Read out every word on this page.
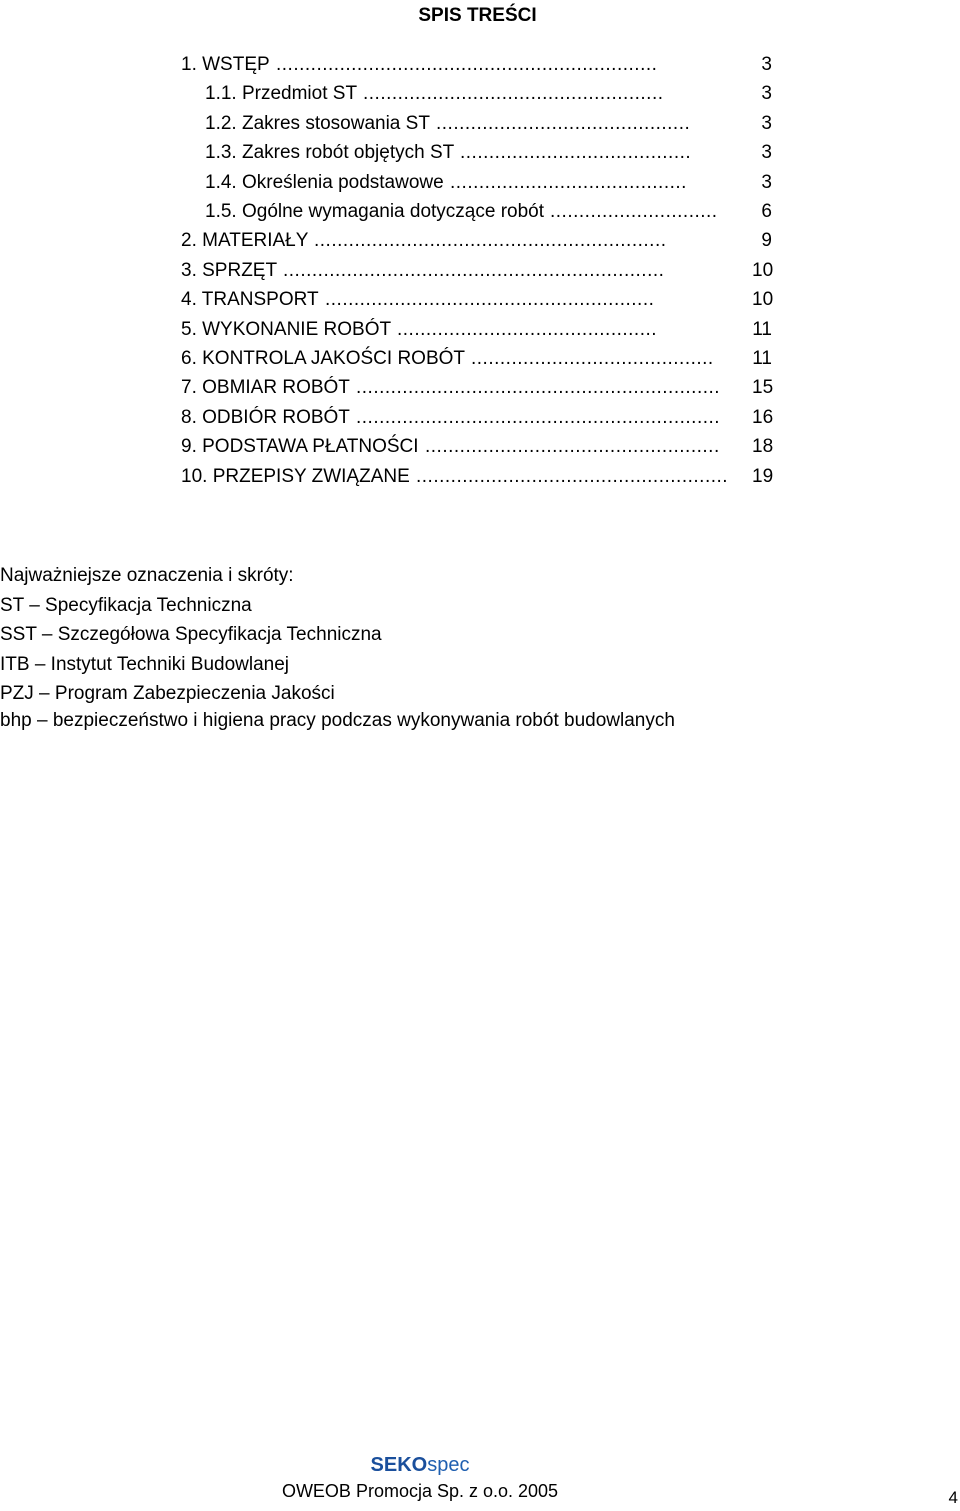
SPIS TREŚCI
..................................................................
1. WSTĘP	3
....................................................
1.1. Przedmiot ST	3
............................................
1.2. Zakres stosowania ST	3
........................................
1.3. Zakres robót objętych ST	3
.........................................
1.4. Określenia podstawowe	3
.............................
1.5. Ogólne wymagania dotyczące robót	6
.............................................................
2. MATERIAŁY	9
..................................................................
3. SPRZĘT	10
.........................................................
4. TRANSPORT	10
.............................................
5. WYKONANIE ROBÓT	11
..........................................
6. KONTROLA JAKOŚCI ROBÓT	11
...............................................................
7. OBMIAR ROBÓT	15
...............................................................
8. ODBIÓR ROBÓT	16
...................................................
9. PODSTAWA PŁATNOŚCI	18
......................................................
10. PRZEPISY ZWIĄZANE	19
Najważniejsze oznaczenia i skróty:
ST – Specyfikacja Techniczna
SST – Szczegółowa Specyfikacja Techniczna
ITB – Instytut Techniki Budowlanej
PZJ – Program Zabezpieczenia Jakości
bhp – bezpieczeństwo i higiena pracy podczas wykonywania robót budowlanych
SEKOspec
OWEOB Promocja Sp. z o.o. 2005	4
